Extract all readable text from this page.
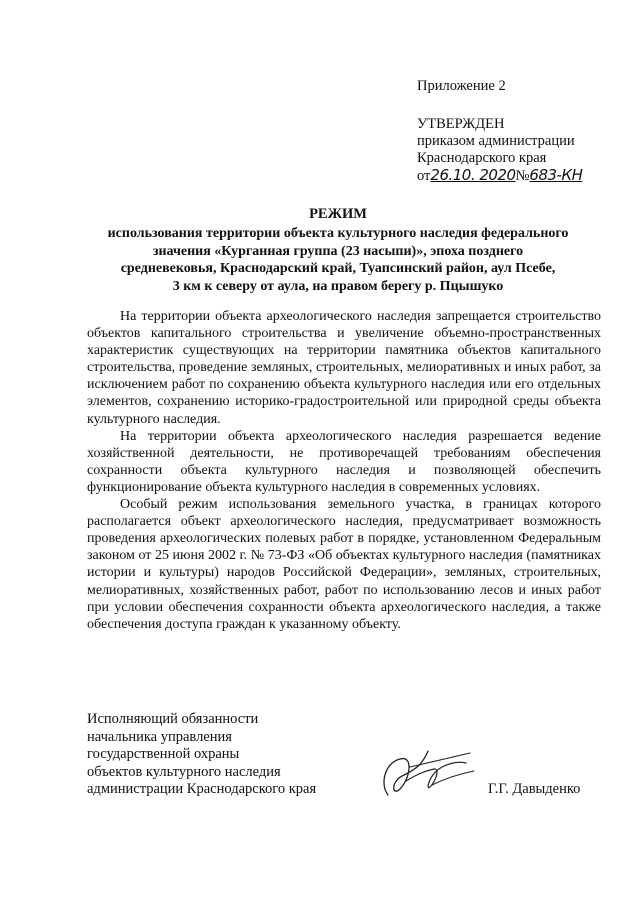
Приложение 2
УТВЕРЖДЕН
приказом администрации
Краснодарского края
от26.10. 2020№683-КН
РЕЖИМ
использования территории объекта культурного наследия федерального
значения «Курганная группа (23 насыпи)», эпоха позднего
средневековья, Краснодарский край, Туапсинский район, аул Псебе,
3 км к северу от аула, на правом берегу р. Пцышуко

На территории объекта археологического наследия запрещается строительство объектов капитального строительства и увеличение объемно-пространственных характеристик существующих на территории памятника объектов капитального строительства, проведение земляных, строительных, мелиоративных и иных работ, за исключением работ по сохранению объекта культурного наследия или его отдельных элементов, сохранению историко-градостроительной или природной среды объекта культурного наследия.

На территории объекта археологического наследия разрешается ведение хозяйственной деятельности, не противоречащей требованиям обеспечения сохранности объекта культурного наследия и позволяющей обеспечить функционирование объекта культурного наследия в современных условиях.

Особый режим использования земельного участка, в границах которого располагается объект археологического наследия, предусматривает возможность проведения археологических полевых работ в порядке, установленном Федеральным законом от 25 июня 2002 г. № 73-ФЗ «Об объектах культурного наследия (памятниках истории и культуры) народов Российской Федерации», земляных, строительных, мелиоративных, хозяйственных работ, работ по использованию лесов и иных работ при условии обеспечения сохранности объекта археологического наследия, а также обеспечения доступа граждан к указанному объекту.

Исполняющий обязанности
начальника управления
государственной охраны
объектов культурного наследия
администрации Краснодарского края	Г.Г. Давыденко
